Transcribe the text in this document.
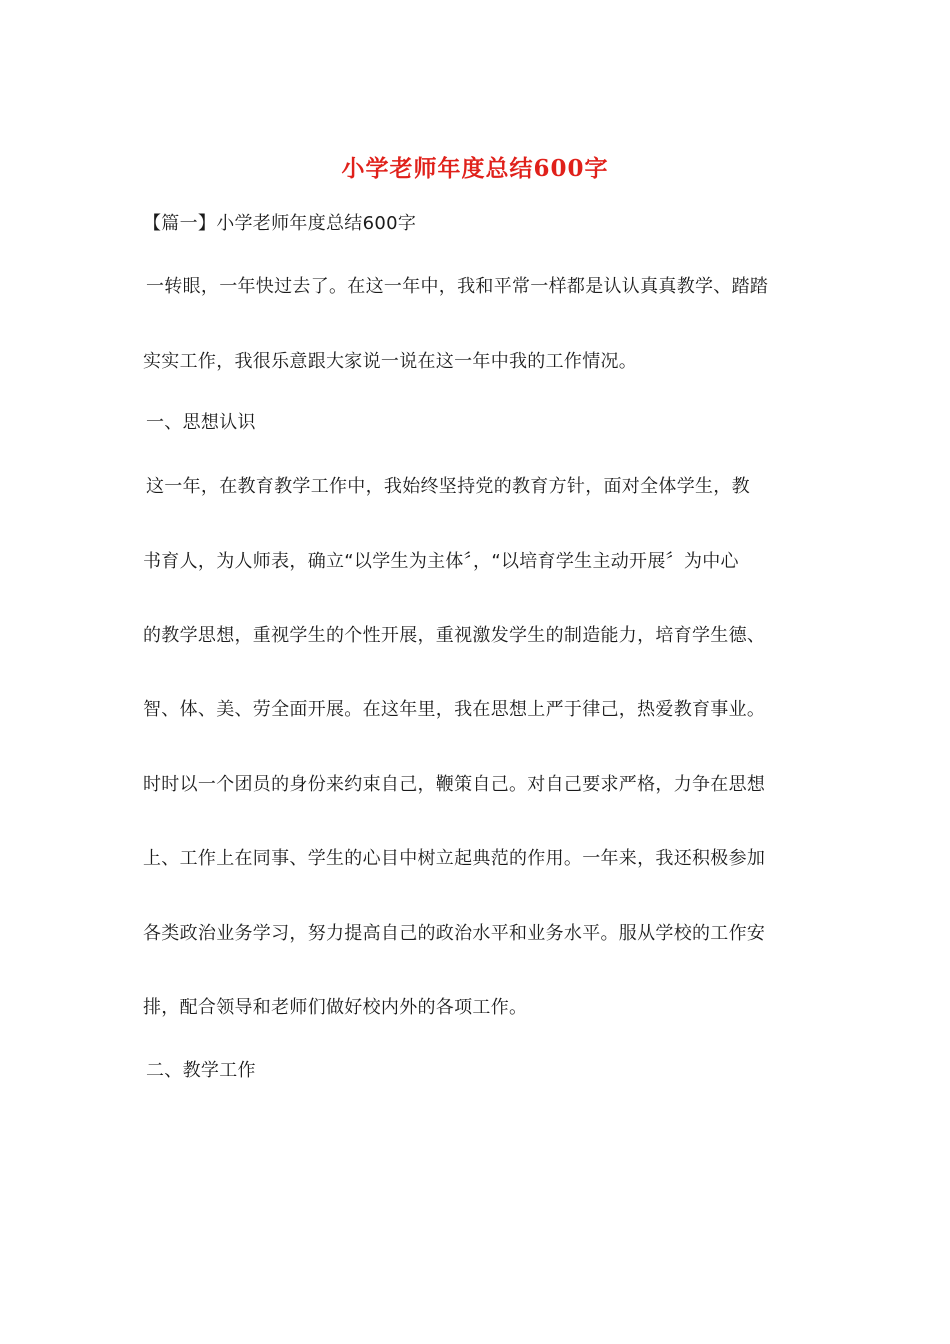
小学老师年度总结600字
【篇一】小学老师年度总结600字
一转眼，一年快过去了。在这一年中，我和平常一样都是认认真真教学、踏踏
实实工作，我很乐意跟大家说一说在这一年中我的工作情况。
一、思想认识
这一年，在教育教学工作中，我始终坚持党的教育方针，面对全体学生，教
书育人，为人师表，确立“以学生为主体〞，“以培育学生主动开展〞为中心
的教学思想，重视学生的个性开展，重视激发学生的制造能力，培育学生德、
智、体、美、劳全面开展。在这年里，我在思想上严于律己，热爱教育事业。
时时以一个团员的身份来约束自己，鞭策自己。对自己要求严格，力争在思想
上、工作上在同事、学生的心目中树立起典范的作用。一年来，我还积极参加
各类政治业务学习，努力提高自己的政治水平和业务水平。服从学校的工作安
排，配合领导和老师们做好校内外的各项工作。
二、教学工作
